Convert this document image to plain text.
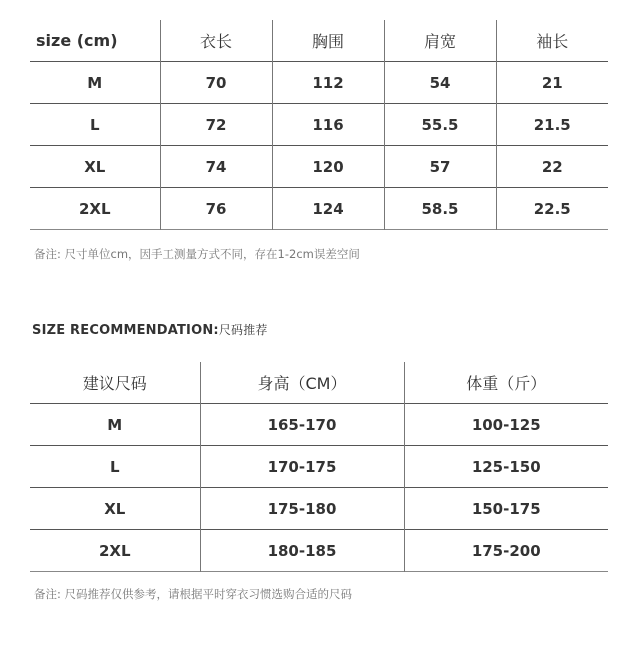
size (cm)	衣长	胸围	肩宽	袖长
M	70	112	54	21
L	72	116	55.5	21.5
XL	74	120	57	22
2XL	76	124	58.5	22.5
备注: 尺寸单位cm，因手工测量方式不同，存在1-2cm误差空间
SIZE RECOMMENDATION:尺码推荐
建议尺码	身高（CM）	体重（斤）
M	165-170	100-125
L	170-175	125-150
XL	175-180	150-175
2XL	180-185	175-200
备注: 尺码推荐仅供参考，请根据平时穿衣习惯选购合适的尺码
